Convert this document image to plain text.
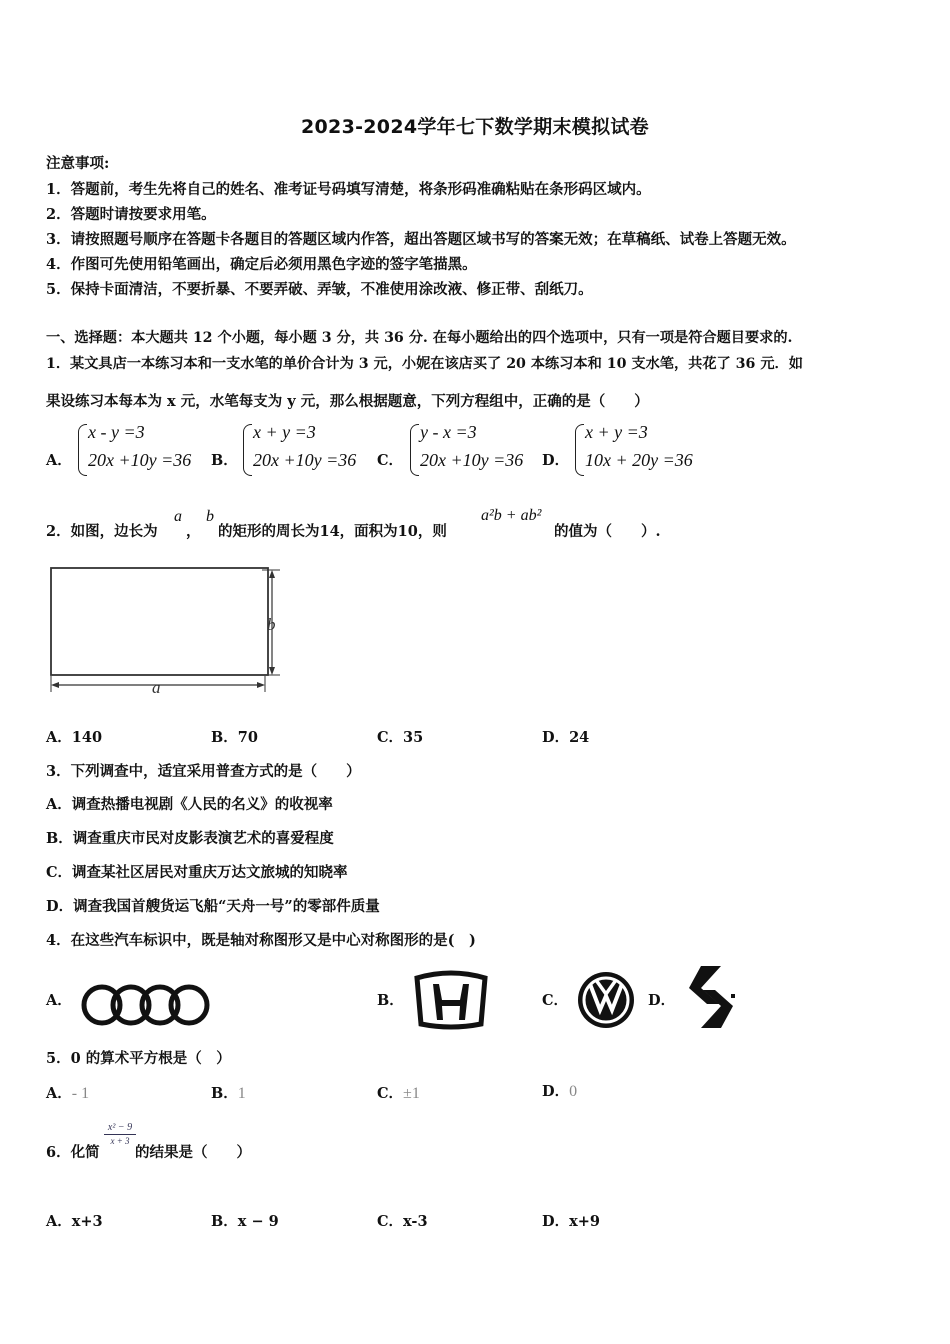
2023-2024学年七下数学期末模拟试卷
注意事项:
1．答题前，考生先将自己的姓名、准考证号码填写清楚，将条形码准确粘贴在条形码区域内。
2．答题时请按要求用笔。
3．请按照题号顺序在答题卡各题目的答题区域内作答，超出答题区域书写的答案无效；在草稿纸、试卷上答题无效。
4．作图可先使用铅笔画出，确定后必须用黑色字迹的签字笔描黑。
5．保持卡面清洁，不要折暴、不要弄破、弄皱，不准使用涂改液、修正带、刮纸刀。
一、选择题：本大题共 12 个小题，每小题 3 分，共 36 分. 在每小题给出的四个选项中，只有一项是符合题目要求的.
1．某文具店一本练习本和一支水笔的单价合计为 3 元，小妮在该店买了 20 本练习本和 10 支水笔，共花了 36 元．如
果设练习本每本为 x 元，水笔每支为 y 元，那么根据题意，下列方程组中，正确的是（　　）
A．
x - y =3
20x +10y =36 B．
x + y =3
20x +10y =36 C．
y - x =3
20x +10y =36 D．
x + y =3
10x + 20y =36
2．如图，边长为
a
，
b
的矩形的周长为14，面积为10，则
a²b + ab²
的值为（　　）.
b
a
A．140	B．70	C．35	D．24
3．下列调查中，适宜采用普查方式的是（　　）
A．调查热播电视剧《人民的名义》的收视率
B．调查重庆市民对皮影表演艺术的喜爱程度
C．调查某社区居民对重庆万达文旅城的知晓率
D．调查我国首艘货运飞船“天舟一号”的零部件质量
4．在这些汽车标识中，既是轴对称图形又是中心对称图形的是(　)
A．	B．	C．	D．
5．0 的算术平方根是（　）
A．- 1	B．1	C．±1	D．0
6．化简
$\frac{\text{x² − 9}}{x + 3}$
的结果是（　　）
A．x+3	B．x − 9	C．x-3	D．x+9
